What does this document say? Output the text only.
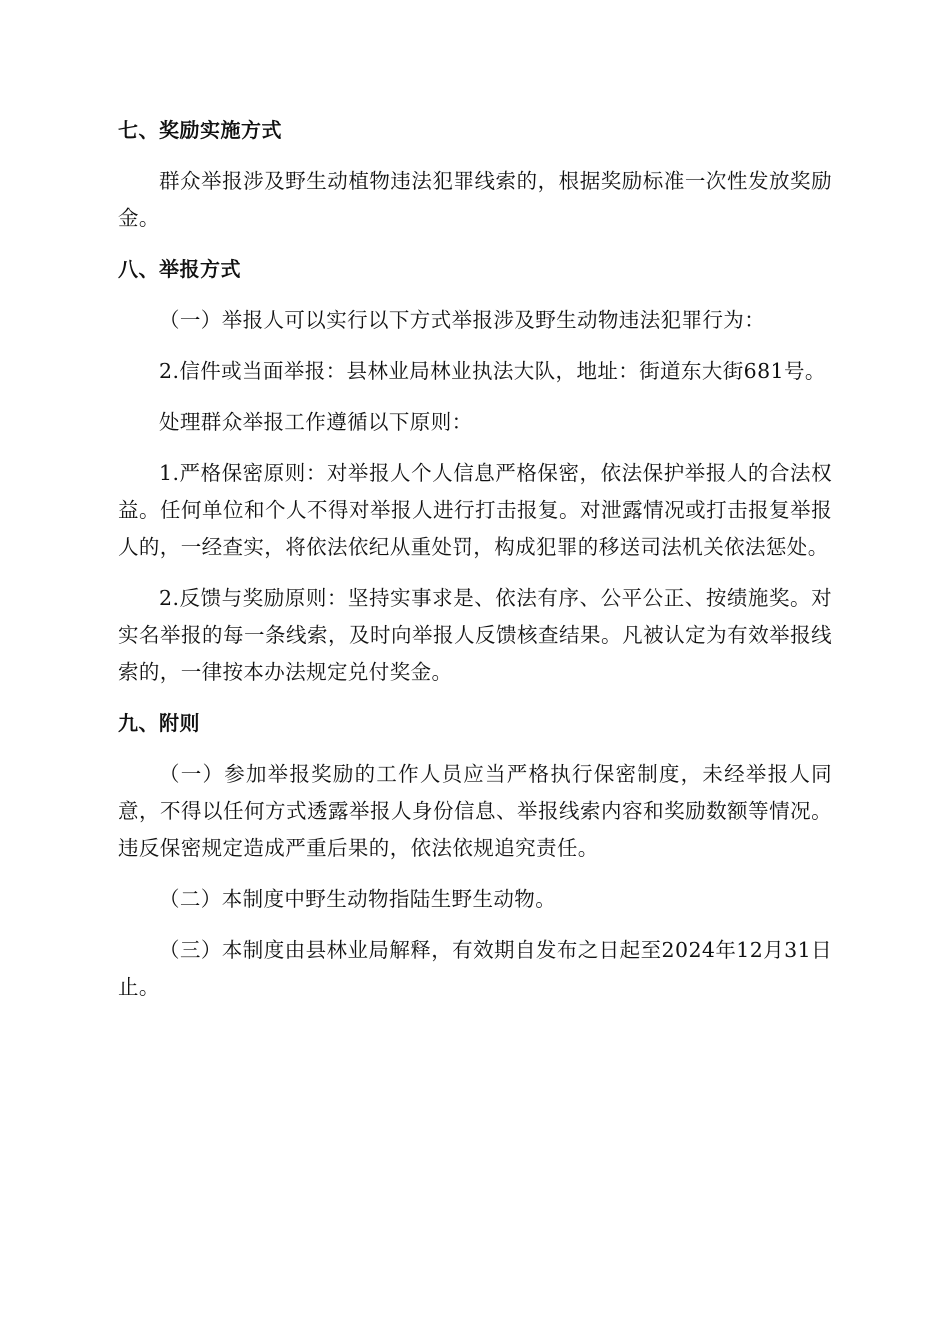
七、奖励实施方式
群众举报涉及野生动植物违法犯罪线索的，根据奖励标准一次性发放奖励金。
八、举报方式
（一）举报人可以实行以下方式举报涉及野生动物违法犯罪行为：
2.信件或当面举报：县林业局林业执法大队，地址：街道东大街681号。
处理群众举报工作遵循以下原则：
1.严格保密原则：对举报人个人信息严格保密，依法保护举报人的合法权益。任何单位和个人不得对举报人进行打击报复。对泄露情况或打击报复举报人的，一经查实，将依法依纪从重处罚，构成犯罪的移送司法机关依法惩处。
2.反馈与奖励原则：坚持实事求是、依法有序、公平公正、按绩施奖。对实名举报的每一条线索，及时向举报人反馈核查结果。凡被认定为有效举报线索的，一律按本办法规定兑付奖金。
九、附则
（一）参加举报奖励的工作人员应当严格执行保密制度，未经举报人同意，不得以任何方式透露举报人身份信息、举报线索内容和奖励数额等情况。违反保密规定造成严重后果的，依法依规追究责任。
（二）本制度中野生动物指陆生野生动物。
（三）本制度由县林业局解释，有效期自发布之日起至2024年12月31日止。
